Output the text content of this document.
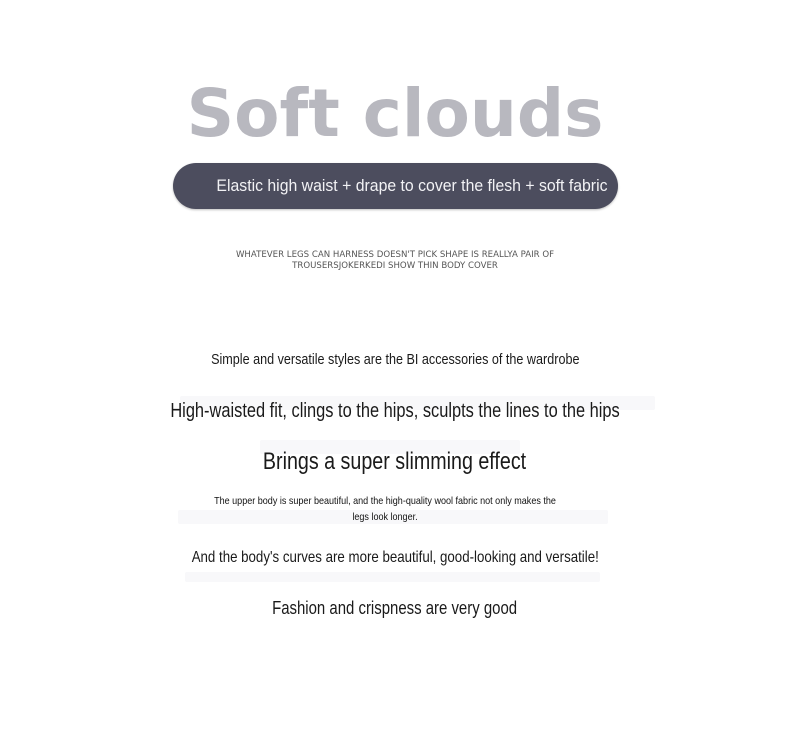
Soft clouds
Elastic high waist + drape to cover the flesh + soft fabric
WHATEVER LEGS CAN HARNESS DOESN'T PICK SHAPE IS REALLYA PAIR OF TROUSERSJOKERKEDI SHOW THIN BODY COVER
Simple and versatile styles are the BI accessories of the wardrobe
High-waisted fit, clings to the hips, sculpts the lines to the hips
Brings a super slimming effect
The upper body is super beautiful, and the high-quality wool fabric not only makes the legs look longer.
And the body's curves are more beautiful, good-looking and versatile!
Fashion and crispness are very good
